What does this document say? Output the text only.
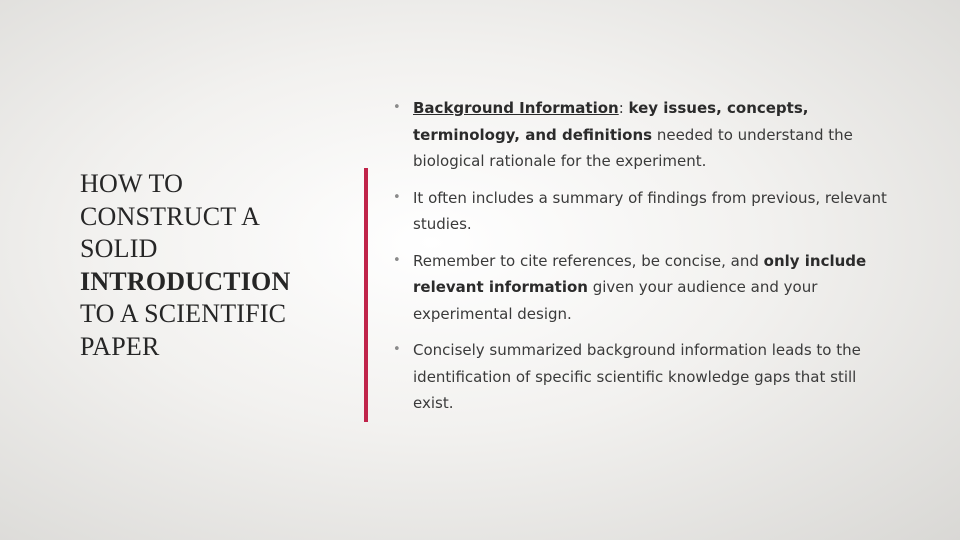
HOW TO
CONSTRUCT A
SOLID
INTRODUCTION
TO A SCIENTIFIC
PAPER
• Background Information: key issues, concepts, terminology, and definitions needed to understand the biological rationale for the experiment.
• It often includes a summary of findings from previous, relevant studies.
• Remember to cite references, be concise, and only include relevant information given your audience and your experimental design.
• Concisely summarized background information leads to the identification of specific scientific knowledge gaps that still exist.
